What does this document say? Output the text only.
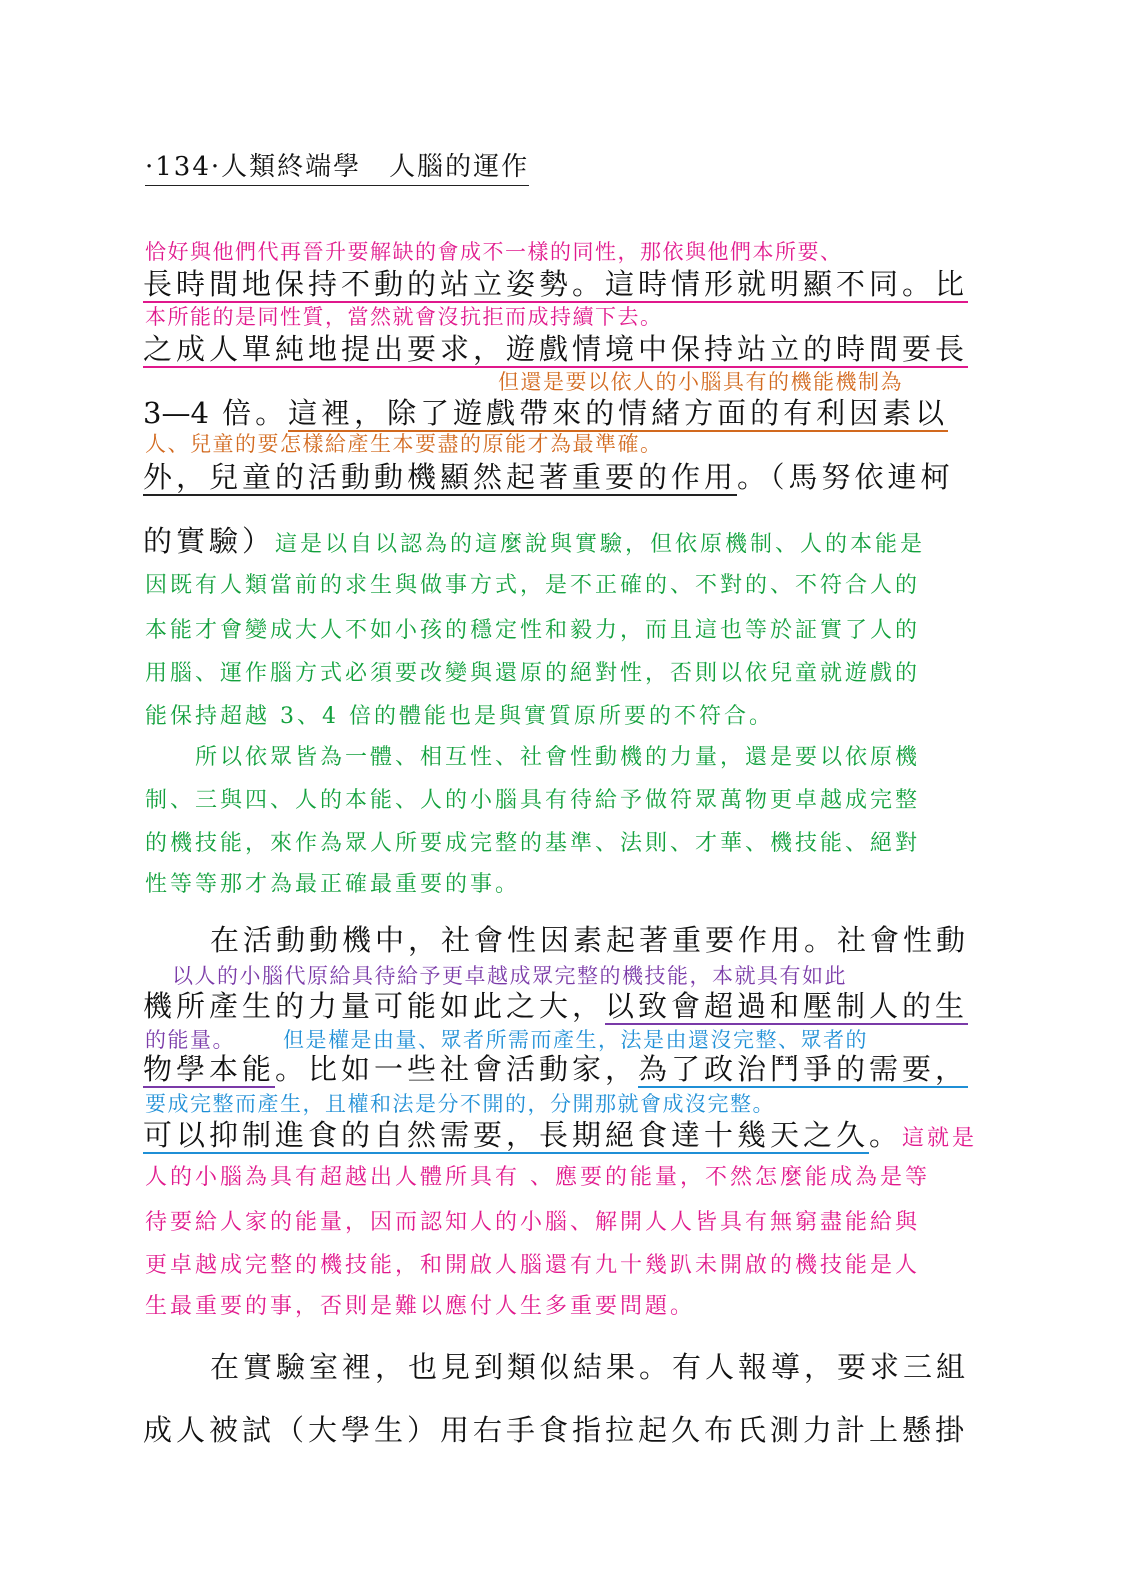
·134·人類終端學　人腦的運作

恰好與他們代再晉升要解缺的會成不一樣的同性，那依與他們本所要、

長時間地保持不動的站立姿勢。這時情形就明顯不同。比

本所能的是同性質，當然就會沒抗拒而成持續下去。

之成人單純地提出要求，遊戲情境中保持站立的時間要長

但還是要以依人的小腦具有的機能機制為

3—4 倍。這裡，除了遊戲帶來的情緒方面的有利因素以

人、兒童的要怎樣給產生本要盡的原能才為最準確。

外，兒童的活動動機顯然起著重要的作用。（馬努依連柯

的實驗）這是以自以認為的這麼說與實驗，但依原機制、人的本能是

因既有人類當前的求生與做事方式，是不正確的、不對的、不符合人的

本能才會變成大人不如小孩的穩定性和毅力，而且這也等於証實了人的

用腦、運作腦方式必須要改變與還原的絕對性，否則以依兒童就遊戲的

能保持超越 3、4 倍的體能也是與實質原所要的不符合。

所以依眾皆為一體、相互性、社會性動機的力量，還是要以依原機

制、三與四、人的本能、人的小腦具有待給予做符眾萬物更卓越成完整

的機技能，來作為眾人所要成完整的基準、法則、才華、機技能、絕對

性等等那才為最正確最重要的事。

在活動動機中，社會性因素起著重要作用。社會性動

以人的小腦代原給具待給予更卓越成眾完整的機技能，本就具有如此

機所產生的力量可能如此之大，以致會超過和壓制人的生

的能量。 但是權是由量、眾者所需而產生，法是由還沒完整、眾者的

物學本能。比如一些社會活動家，為了政治鬥爭的需要，

要成完整而產生，且權和法是分不開的，分開那就會成沒完整。

可以抑制進食的自然需要，長期絕食達十幾天之久。這就是

人的小腦為具有超越出人體所具有 、應要的能量，不然怎麼能成為是等

待要給人家的能量，因而認知人的小腦、解開人人皆具有無窮盡能給與

更卓越成完整的機技能，和開啟人腦還有九十幾趴未開啟的機技能是人

生最重要的事，否則是難以應付人生多重要問題。

在實驗室裡，也見到類似結果。有人報導，要求三組

成人被試（大學生）用右手食指拉起久布氏測力計上懸掛
